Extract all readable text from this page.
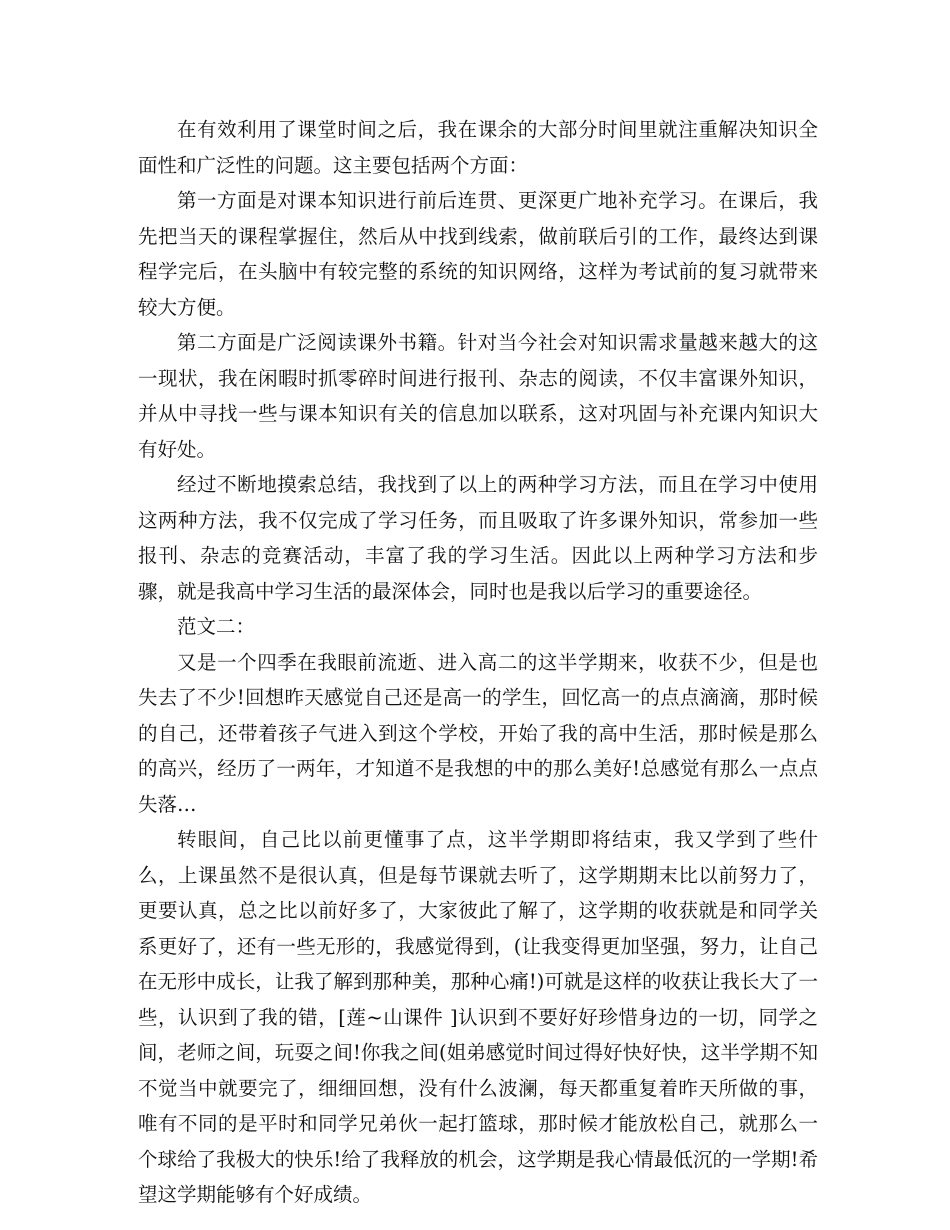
在有效利用了课堂时间之后，我在课余的大部分时间里就注重解决知识全面性和广泛性的问题。这主要包括两个方面：

第一方面是对课本知识进行前后连贯、更深更广地补充学习。在课后，我先把当天的课程掌握住，然后从中找到线索，做前联后引的工作，最终达到课程学完后，在头脑中有较完整的系统的知识网络，这样为考试前的复习就带来较大方便。

第二方面是广泛阅读课外书籍。针对当今社会对知识需求量越来越大的这一现状，我在闲暇时抓零碎时间进行报刊、杂志的阅读，不仅丰富课外知识，并从中寻找一些与课本知识有关的信息加以联系，这对巩固与补充课内知识大有好处。

经过不断地摸索总结，我找到了以上的两种学习方法，而且在学习中使用这两种方法，我不仅完成了学习任务，而且吸取了许多课外知识，常参加一些报刊、杂志的竞赛活动，丰富了我的学习生活。因此以上两种学习方法和步骤，就是我高中学习生活的最深体会，同时也是我以后学习的重要途径。

范文二：

又是一个四季在我眼前流逝、进入高二的这半学期来，收获不少，但是也失去了不少!回想昨天感觉自己还是高一的学生，回忆高一的点点滴滴，那时候的自己，还带着孩子气进入到这个学校，开始了我的高中生活，那时候是那么的高兴，经历了一两年，才知道不是我想的中的那么美好!总感觉有那么一点点失落…

转眼间，自己比以前更懂事了点，这半学期即将结束，我又学到了些什么，上课虽然不是很认真，但是每节课就去听了，这学期期末比以前努力了，更要认真，总之比以前好多了，大家彼此了解了，这学期的收获就是和同学关系更好了，还有一些无形的，我感觉得到，(让我变得更加坚强，努力，让自己在无形中成长，让我了解到那种美，那种心痛!)可就是这样的收获让我长大了一些，认识到了我的错，[莲~山课件 ]认识到不要好好珍惜身边的一切，同学之间，老师之间，玩耍之间!你我之间(姐弟感觉时间过得好快好快，这半学期不知不觉当中就要完了，细细回想，没有什么波澜，每天都重复着昨天所做的事，唯有不同的是平时和同学兄弟伙一起打篮球，那时候才能放松自己，就那么一个球给了我极大的快乐!给了我释放的机会，这学期是我心情最低沉的一学期!希望这学期能够有个好成绩。
